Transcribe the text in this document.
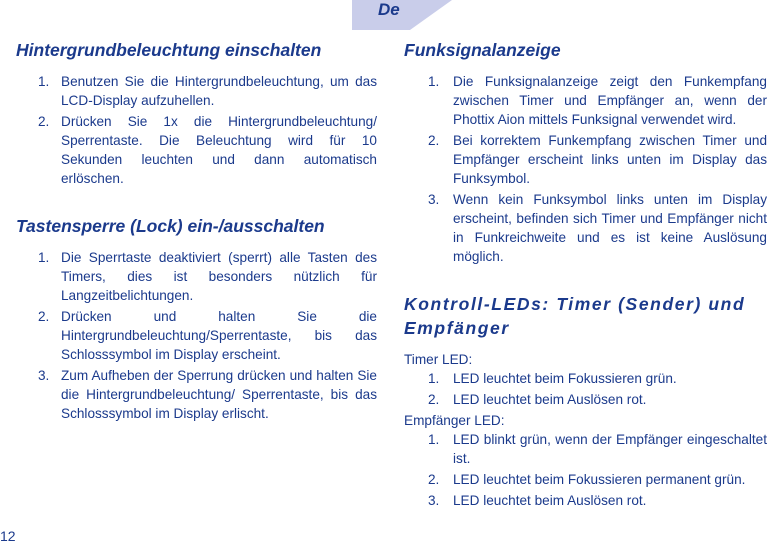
De
Hintergrundbeleuchtung einschalten
1. Benutzen Sie die Hintergrundbeleuchtung, um das LCD-Display aufzuhellen.
2. Drücken Sie 1x die Hintergrundbeleuchtung/ Sperrentaste. Die Beleuchtung wird für 10 Sekunden leuchten und dann automatisch erlöschen.
Tastensperre (Lock) ein-/ausschalten
1. Die Sperrtaste deaktiviert (sperrt) alle Tasten des Timers, dies ist besonders nützlich für Langzeitbelichtungen.
2. Drücken und halten Sie die Hintergrundbeleuchtung/Sperrentaste, bis das Schlosssymbol im Display erscheint.
3. Zum Aufheben der Sperrung drücken und halten Sie die Hintergrundbeleuchtung/ Sperrentaste, bis das Schlosssymbol im Display erlischt.
Funksignalanzeige
1. Die Funksignalanzeige zeigt den Funkempfang zwischen Timer und Empfänger an, wenn der Phottix Aion mittels Funksignal verwendet wird.
2. Bei korrektem Funkempfang zwischen Timer und Empfänger erscheint links unten im Display das Funksymbol.
3. Wenn kein Funksymbol links unten im Display erscheint, befinden sich Timer und Empfänger nicht in Funkreichweite und es ist keine Auslösung möglich.
Kontroll-LEDs: Timer (Sender) und Empfänger

Timer LED:

1. LED leuchtet beim Fokussieren grün.
2. LED leuchtet beim Auslösen rot.

Empfänger LED:

1. LED blinkt grün, wenn der Empfänger eingeschaltet ist.
2. LED leuchtet beim Fokussieren permanent grün.
3. LED leuchtet beim Auslösen rot.
12
